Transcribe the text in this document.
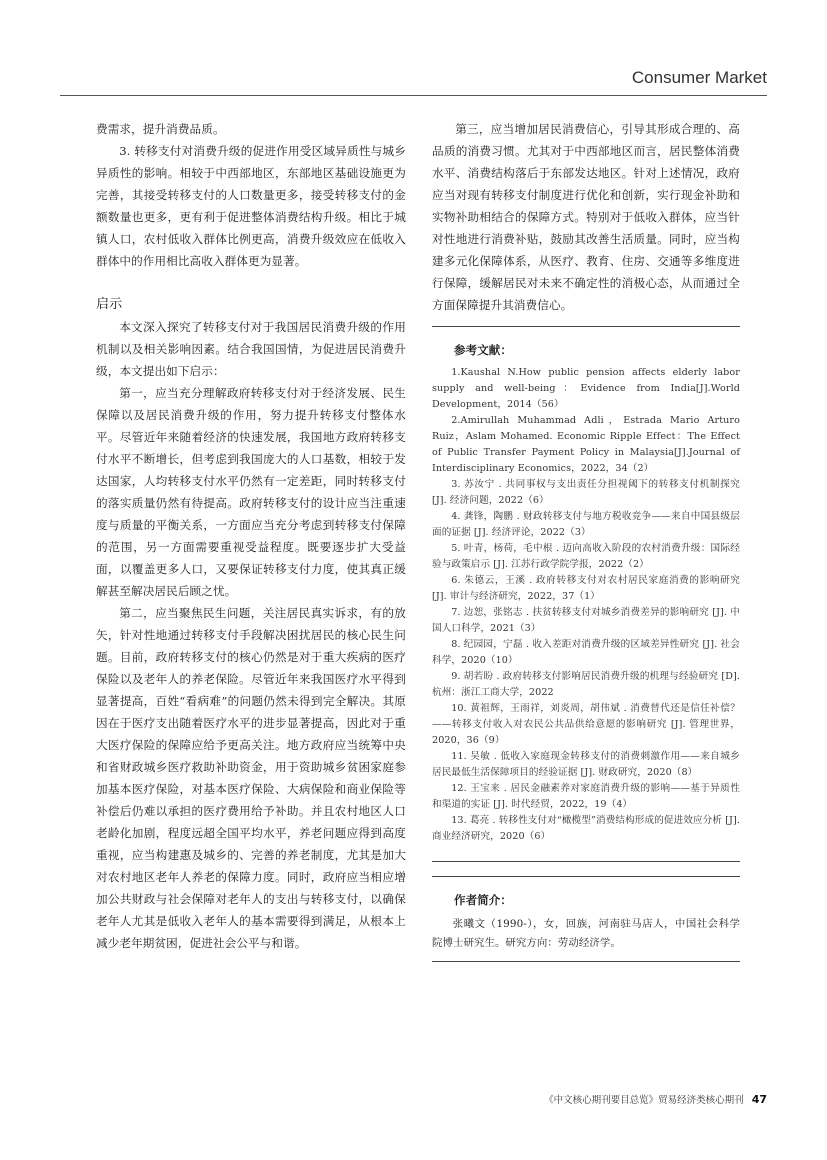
Consumer Market

费需求，提升消费品质。

3. 转移支付对消费升级的促进作用受区域异质性与城乡异质性的影响。相较于中西部地区，东部地区基础设施更为完善，其接受转移支付的人口数量更多，接受转移支付的金额数量也更多，更有利于促进整体消费结构升级。相比于城镇人口，农村低收入群体比例更高，消费升级效应在低收入群体中的作用相比高收入群体更为显著。

启示

本文深入探究了转移支付对于我国居民消费升级的作用机制以及相关影响因素。结合我国国情，为促进居民消费升级，本文提出如下启示：

第一，应当充分理解政府转移支付对于经济发展、民生保障以及居民消费升级的作用，努力提升转移支付整体水平。尽管近年来随着经济的快速发展，我国地方政府转移支付水平不断增长，但考虑到我国庞大的人口基数，相较于发达国家，人均转移支付水平仍然有一定差距，同时转移支付的落实质量仍然有待提高。政府转移支付的设计应当注重速度与质量的平衡关系，一方面应当充分考虑到转移支付保障的范围，另一方面需要重视受益程度。既要逐步扩大受益面，以覆盖更多人口，又要保证转移支付力度，使其真正缓解甚至解决居民后顾之忧。

第二，应当聚焦民生问题，关注居民真实诉求，有的放矢，针对性地通过转移支付手段解决困扰居民的核心民生问题。目前，政府转移支付的核心仍然是对于重大疾病的医疗保险以及老年人的养老保险。尽管近年来我国医疗水平得到显著提高，百姓“看病难”的问题仍然未得到完全解决。其原因在于医疗支出随着医疗水平的进步显著提高，因此对于重大医疗保险的保障应给予更高关注。地方政府应当统筹中央和省财政城乡医疗救助补助资金，用于资助城乡贫困家庭参加基本医疗保险，对基本医疗保险、大病保险和商业保险等补偿后仍难以承担的医疗费用给予补助。并且农村地区人口老龄化加剧，程度远超全国平均水平，养老问题应得到高度重视，应当构建惠及城乡的、完善的养老制度，尤其是加大对农村地区老年人养老的保障力度。同时，政府应当相应增加公共财政与社会保障对老年人的支出与转移支付，以确保老年人尤其是低收入老年人的基本需要得到满足，从根本上减少老年期贫困，促进社会公平与和谐。

第三，应当增加居民消费信心，引导其形成合理的、高品质的消费习惯。尤其对于中西部地区而言，居民整体消费水平、消费结构落后于东部发达地区。针对上述情况，政府应当对现有转移支付制度进行优化和创新，实行现金补助和实物补助相结合的保障方式。特别对于低收入群体，应当针对性地进行消费补贴，鼓励其改善生活质量。同时，应当构建多元化保障体系，从医疗、教育、住房、交通等多维度进行保障，缓解居民对未来不确定性的消极心态，从而通过全方面保障提升其消费信心。

参考文献：

1.Kaushal N.How public pension affects elderly labor supply and well-being：Evidence from India[J].World Development，2014（56）

2.Amirullah Muhammad Adli，Estrada Mario Arturo Ruiz，Aslam Mohamed. Economic Ripple Effect：The Effect of Public Transfer Payment Policy in Malaysia[J].Journal of Interdisciplinary Economics，2022，34（2）

3. 苏汝宁 . 共同事权与支出责任分担视阈下的转移支付机制探究 [J]. 经济问题，2022（6）

4. 龚锋，陶鹏 . 财政转移支付与地方税收竞争——来自中国县级层面的证据 [J]. 经济评论，2022（3）

5. 叶青，杨荷，毛中根 . 迈向高收入阶段的农村消费升级：国际经验与政策启示 [J]. 江苏行政学院学报，2022（2）

6. 朱德云，王溪 . 政府转移支付对农村居民家庭消费的影响研究 [J]. 审计与经济研究，2022，37（1）

7. 边恕，张铭志 . 扶贫转移支付对城乡消费差异的影响研究 [J]. 中国人口科学，2021（3）

8. 纪园园，宁磊 . 收入差距对消费升级的区域差异性研究 [J]. 社会科学，2020（10）

9. 胡若盼 . 政府转移支付影响居民消费升级的机理与经验研究 [D]. 杭州：浙江工商大学，2022

10. 黄祖辉，王雨祥，刘炎周，胡伟斌 . 消费替代还是信任补偿？——转移支付收入对农民公共品供给意愿的影响研究 [J]. 管理世界，2020，36（9）

11. 吴敏 . 低收入家庭现金转移支付的消费刺激作用——来自城乡居民最低生活保障项目的经验证据 [J]. 财政研究，2020（8）

12. 王宝来 . 居民金融素养对家庭消费升级的影响——基于异质性和渠道的实证 [J]. 时代经贸，2022，19（4）

13. 葛亮 . 转移性支付对“橄榄型”消费结构形成的促进效应分析 [J]. 商业经济研究，2020（6）

作者简介：

张曦文（1990-），女，回族，河南驻马店人，中国社会科学院博士研究生。研究方向：劳动经济学。

《中文核心期刊要目总览》贸易经济类核心期刊 47
